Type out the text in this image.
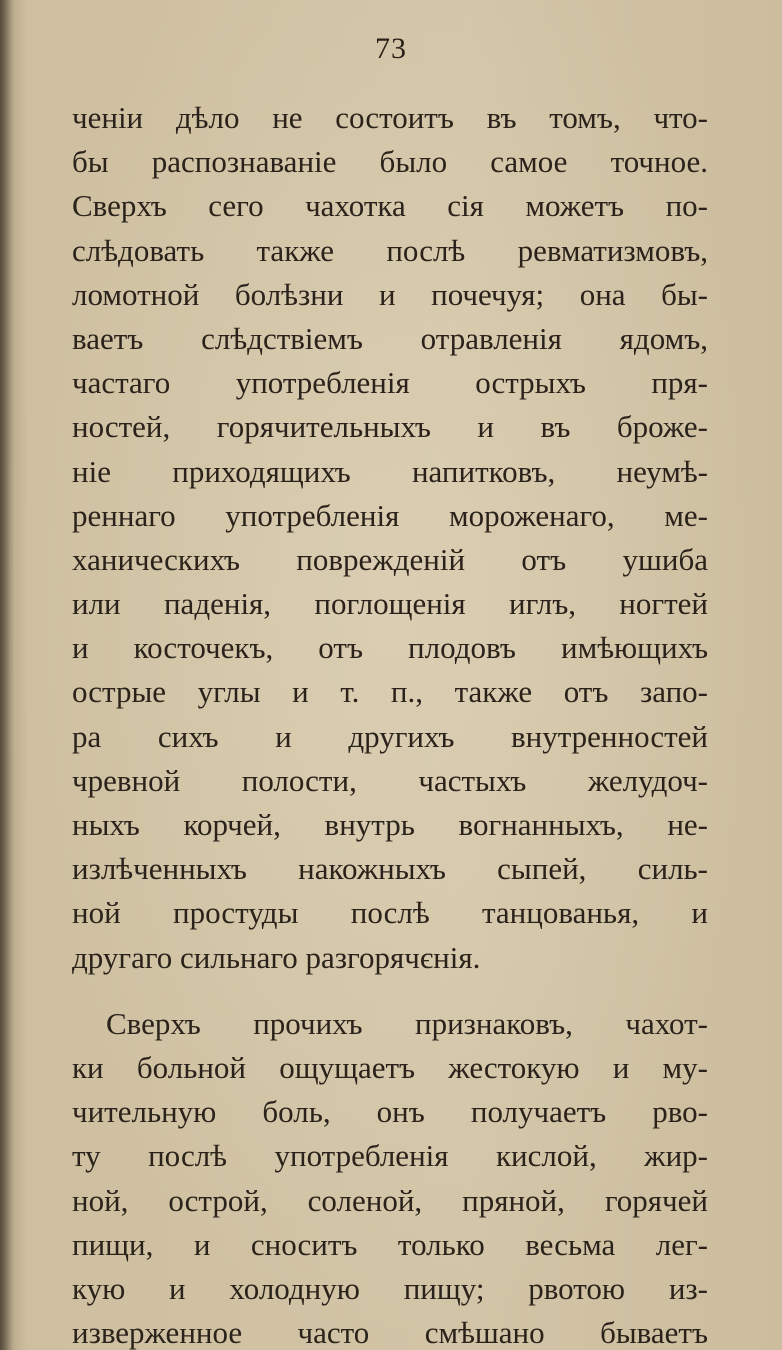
73
ченіи дѣло не состоитъ въ томъ, что-
бы распознаваніе было самое точное.
Сверхъ сего чахотка сія можетъ по-
слѣдовать также послѣ ревматизмовъ,
ломотной болѣзни и почечуя; она бы-
ваетъ слѣдствіемъ отравленія ядомъ,
частаго употребленія острыхъ пря-
ностей, горячительныхъ и въ броже-
ніе приходящихъ напитковъ, неумѣ-
реннаго употребленія мороженаго, ме-
ханическихъ поврежденій отъ ушиба
или паденія, поглощенія иглъ, ногтей
и косточекъ, отъ плодовъ имѣющихъ
острые углы и т. п., также отъ запо-
ра сихъ и другихъ внутренностей
чревной полости, частыхъ желудоч-
ныхъ корчей, внутрь вогнанныхъ, не-
излѣченныхъ накожныхъ сыпей, силь-
ной простуды послѣ танцованья, и
другаго сильнаго разгорячєнія.
Сверхъ прочихъ признаковъ, чахот-
ки больной ощущаетъ жестокую и му-
чительную боль, онъ получаетъ рво-
ту послѣ употребленія кислой, жир-
ной, острой, соленой, пряной, горячей
пищи, и сноситъ только весьма лег-
кую и холодную пищу; рвотою из-
изверженное часто смѣшано бываетъ
